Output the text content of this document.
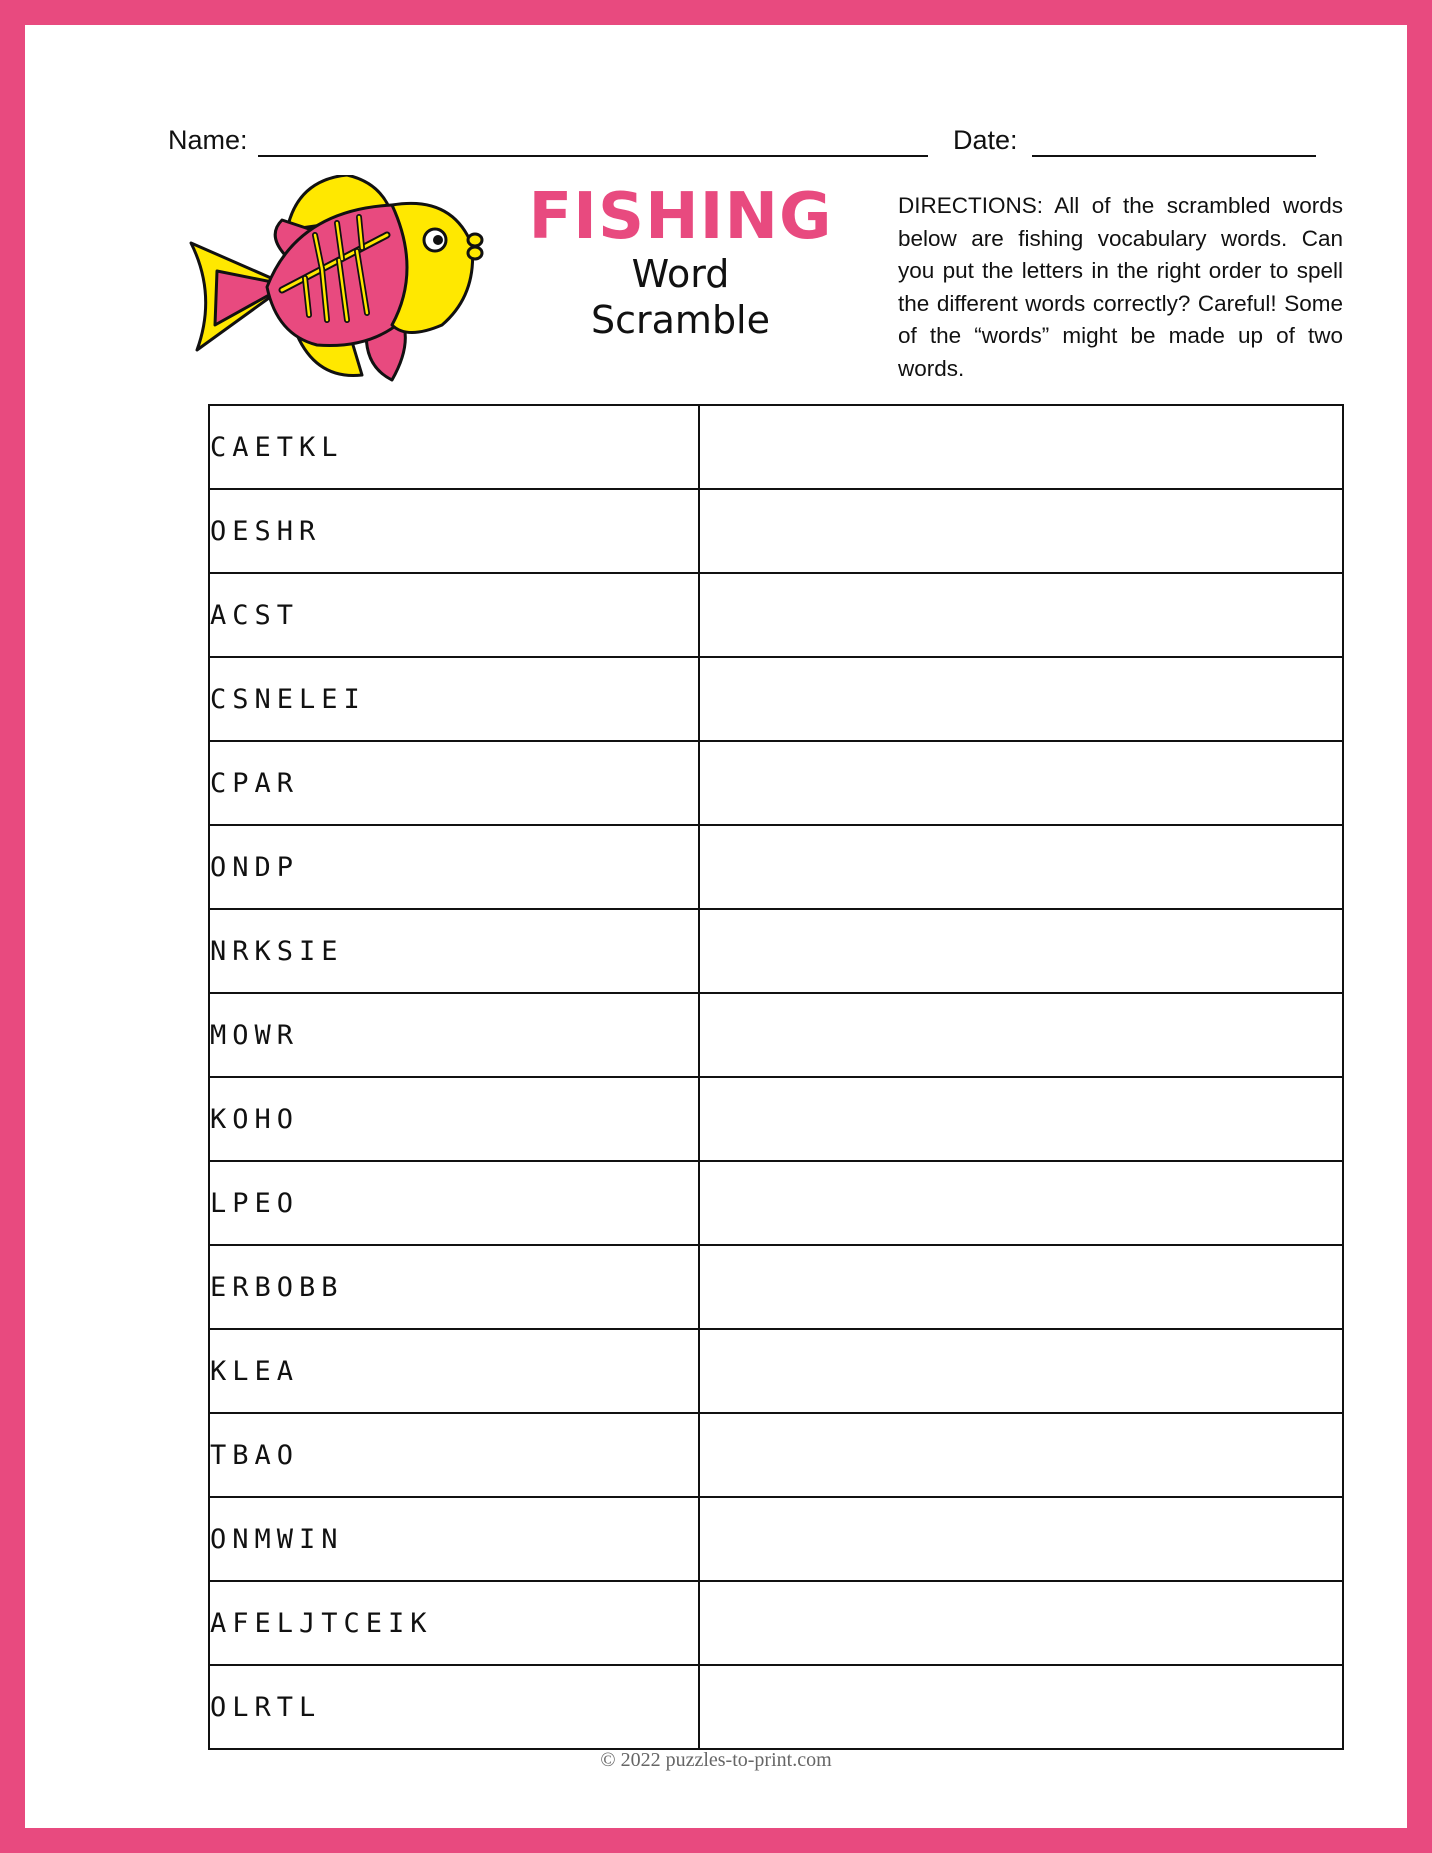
Name:	Date:
FISHING
Word
Scramble
DIRECTIONS: All of the scrambled words below are fishing vocabulary words. Can you put the letters in the right order to spell the different words correctly? Careful! Some of the “words” might be made up of two words.
CAETKL	
OESHR	
ACST	
CSNELEI	
CPAR	
ONDP	
NRKSIE	
MOWR	
KOHO	
LPEO	
ERBOBB	
KLEA	
TBAO	
ONMWIN	
AFELJTCEIK	
OLRTL	
© 2022 puzzles-to-print.com
